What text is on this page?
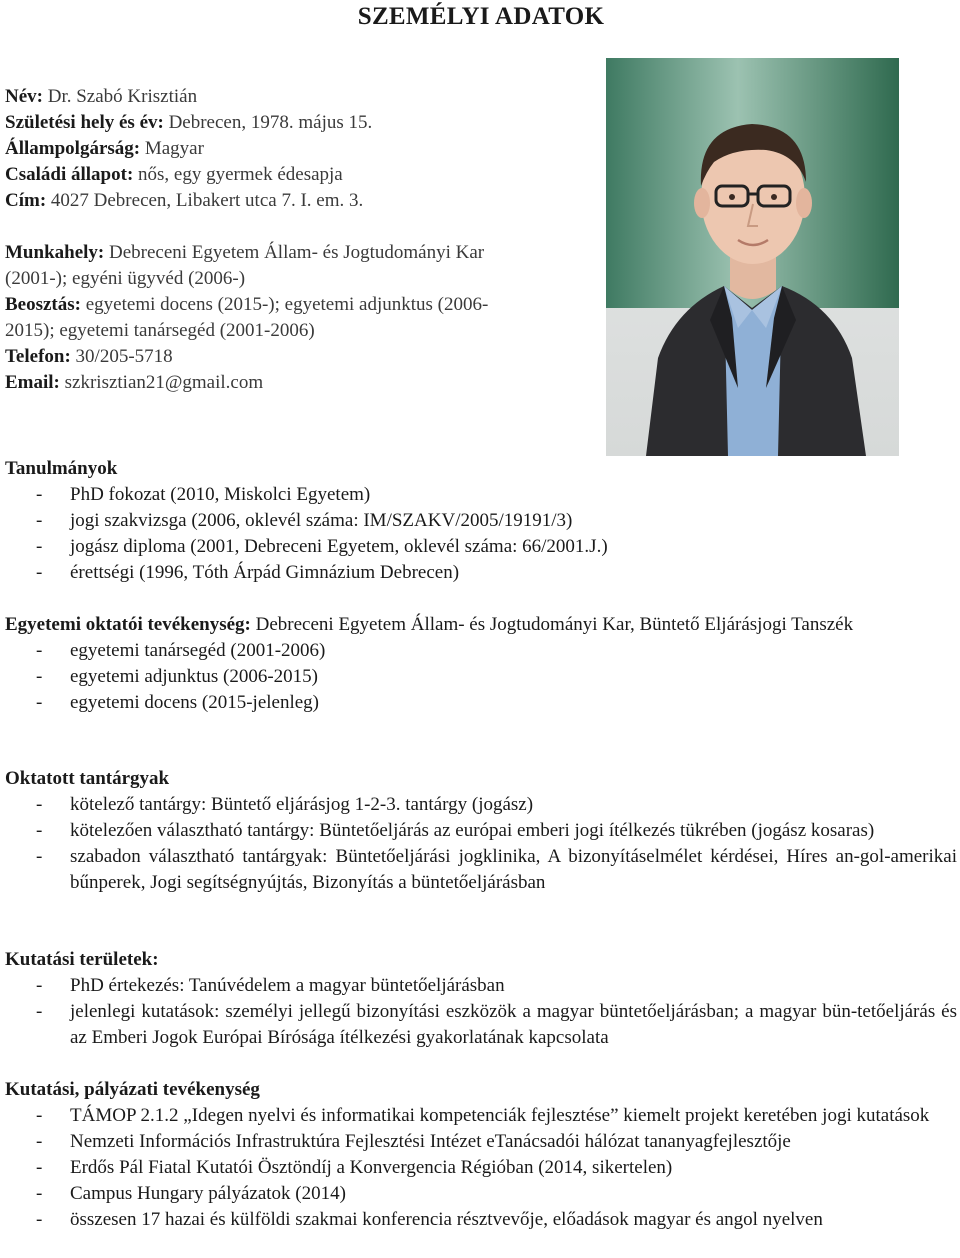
SZEMÉLYI ADATOK
Név: Dr. Szabó Krisztián
Születési hely és év: Debrecen, 1978. május 15.
Állampolgárság: Magyar
Családi állapot: nős, egy gyermek édesapja
Cím: 4027 Debrecen, Libakert utca 7. I. em. 3.
Munkahely: Debreceni Egyetem Állam- és Jogtudományi Kar
(2001-); egyéni ügyvéd (2006-)
Beosztás: egyetemi docens (2015-); egyetemi adjunktus (2006-
2015); egyetemi tanársegéd (2001-2006)
Telefon: 30/205-5718
Email: szkrisztian21@gmail.com
Tanulmányok
- PhD fokozat (2010, Miskolci Egyetem)
- jogi szakvizsga (2006, oklevél száma: IM/SZAKV/2005/19191/3)
- jogász diploma (2001, Debreceni Egyetem, oklevél száma: 66/2001.J.)
- érettségi (1996, Tóth Árpád Gimnázium Debrecen)
Egyetemi oktatói tevékenység: Debreceni Egyetem Állam- és Jogtudományi Kar, Büntető Eljárásjogi Tanszék
- egyetemi tanársegéd (2001-2006)
- egyetemi adjunktus (2006-2015)
- egyetemi docens (2015-jelenleg)
Oktatott tantárgyak
- kötelező tantárgy: Büntető eljárásjog 1-2-3. tantárgy (jogász)
- kötelezően választható tantárgy: Büntetőeljárás az európai emberi jogi ítélkezés tükrében (jogász kosaras)
- szabadon választható tantárgyak: Büntetőeljárási jogklinika, A bizonyításelmélet kérdései, Híres an-gol-amerikai bűnperek, Jogi segítségnyújtás, Bizonyítás a büntetőeljárásban
Kutatási területek:
- PhD értekezés: Tanúvédelem a magyar büntetőeljárásban
- jelenlegi kutatások: személyi jellegű bizonyítási eszközök a magyar büntetőeljárásban; a magyar bün-tetőeljárás és az Emberi Jogok Európai Bírósága ítélkezési gyakorlatának kapcsolata
Kutatási, pályázati tevékenység
- TÁMOP 2.1.2 „Idegen nyelvi és informatikai kompetenciák fejlesztése” kiemelt projekt keretében jogi kutatások
- Nemzeti Információs Infrastruktúra Fejlesztési Intézet eTanácsadói hálózat tananyagfejlesztője
- Erdős Pál Fiatal Kutatói Ösztöndíj a Konvergencia Régióban (2014, sikertelen)
- Campus Hungary pályázatok (2014)
- összesen 17 hazai és külföldi szakmai konferencia résztvevője, előadások magyar és angol nyelven
